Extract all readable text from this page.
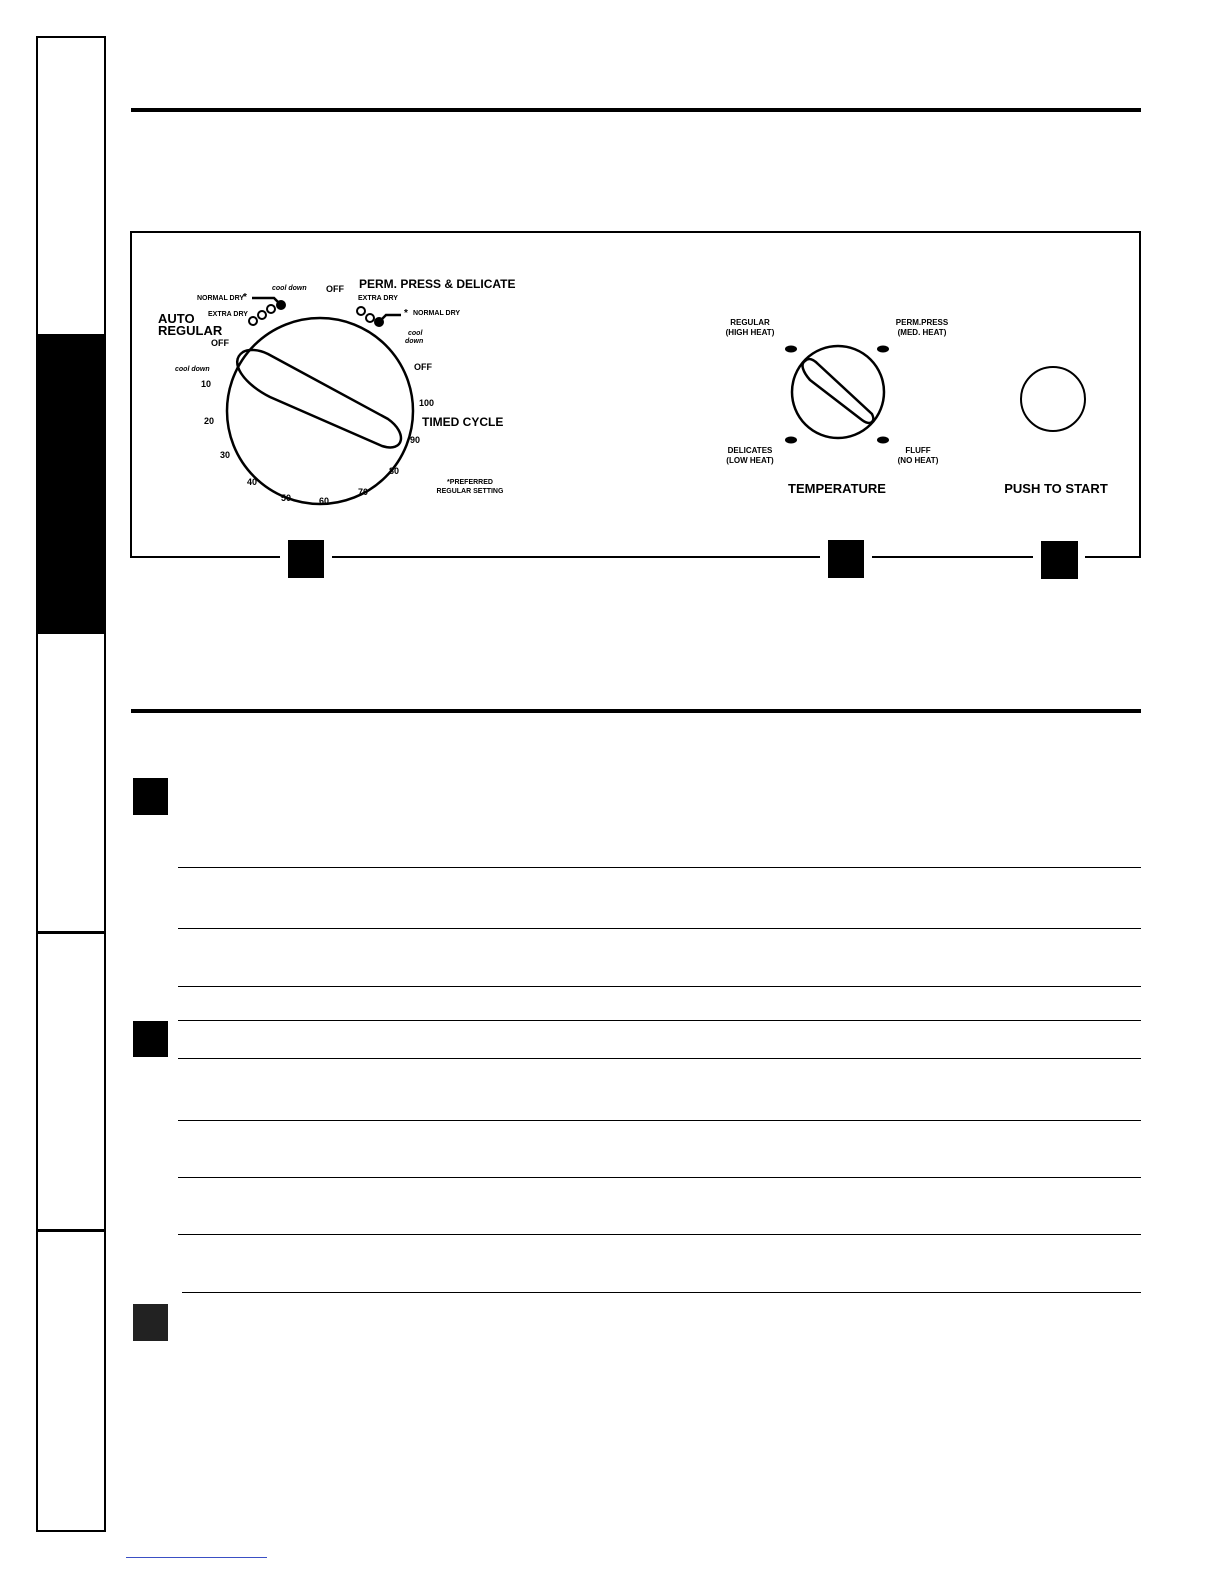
AUTO
REGULAR
NORMAL DRY
*
EXTRA DRY
cool down OFF
OFF
cool down
PERM. PRESS & DELICATE
EXTRA DRY
* NORMAL DRY
cool
down
OFF
TIMED CYCLE
10
20
30
40
50	60
70
80
90
100
*PREFERRED
REGULAR SETTING
REGULAR
(HIGH HEAT)
PERM.PRESS
(MED. HEAT)
DELICATES
(LOW HEAT)
FLUFF
(NO HEAT)
TEMPERATURE	PUSH TO START
